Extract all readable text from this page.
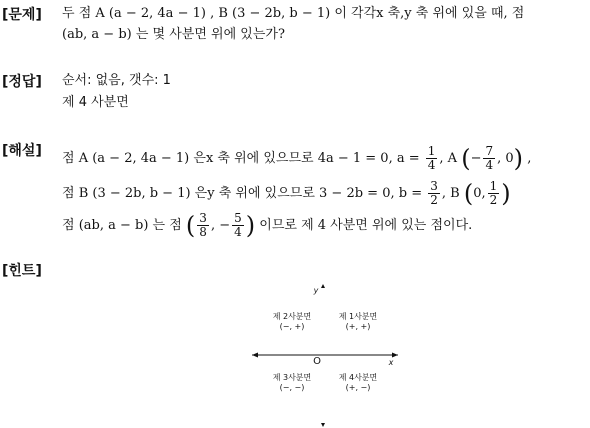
[문제] 두 점 A (a − 2, 4a − 1) , B (3 − 2b, b − 1) 이 각각x 축,y 축 위에 있을 때, 점
(ab, a − b) 는 몇 사분면 위에 있는가?
[정답] 순서: 없음, 갯수: 1
제 4 사분면
[해설] 점 A (a − 2, 4a − 1) 은x 축 위에 있으므로 4a − 1 = 0, $a = \frac{1}{4}$ , A (− $\frac{7}{4}$ , 0) ,
점 B (3 − 2b, b − 1) 은y 축 위에 있으므로 3 − 2b = 0, $b = \frac{3}{2}$ , B (0, $\frac{1}{2}$ )
점 (ab, a − b) 는 점 ( $\frac{3}{8}$ , − $\frac{5}{4}$ ) 이므로 제 4 사분면 위에 있는 점이다.
[힌트]
y
x
O
제 2사분면
(−, +)
제 1사분면
(+, +)
제 3사분면
(−, −)
제 4사분면
(+, −)
